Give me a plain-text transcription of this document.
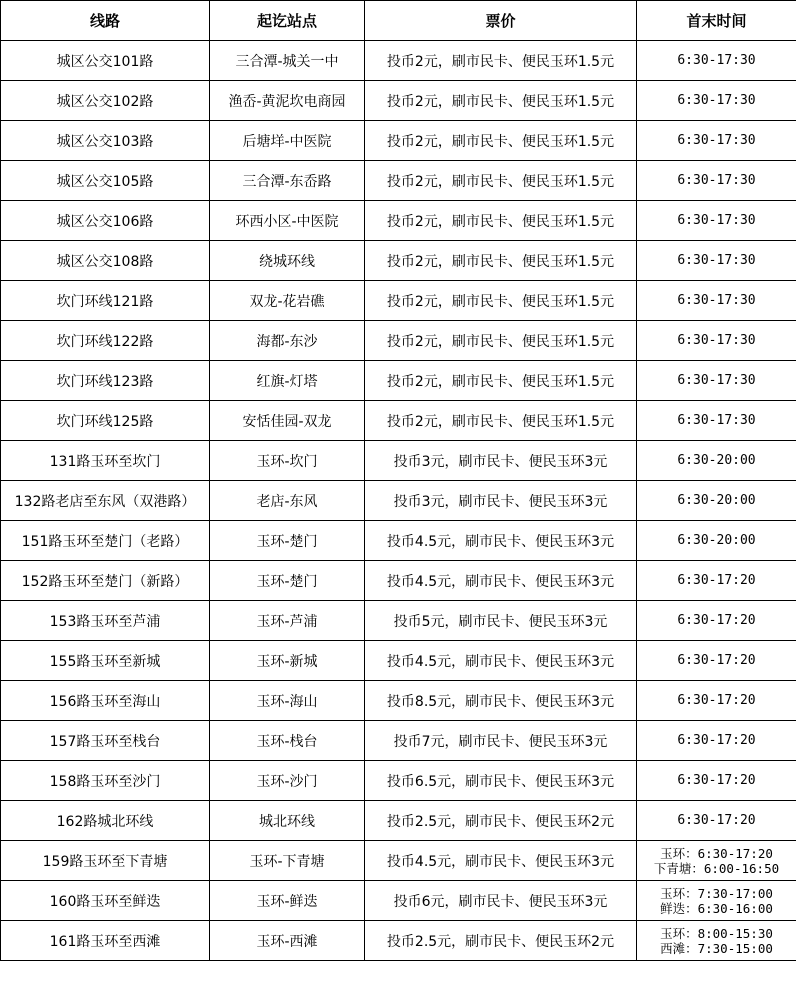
线路	起讫站点	票价	首末时间
城区公交101路	三合潭-城关一中	投币2元，刷市民卡、便民玉环1.5元	6:30-17:30
城区公交102路	渔岙-黄泥坎电商园	投币2元，刷市民卡、便民玉环1.5元	6:30-17:30
城区公交103路	后塘垟-中医院	投币2元，刷市民卡、便民玉环1.5元	6:30-17:30
城区公交105路	三合潭-东岙路	投币2元，刷市民卡、便民玉环1.5元	6:30-17:30
城区公交106路	环西小区-中医院	投币2元，刷市民卡、便民玉环1.5元	6:30-17:30
城区公交108路	绕城环线	投币2元，刷市民卡、便民玉环1.5元	6:30-17:30
坎门环线121路	双龙-花岩礁	投币2元，刷市民卡、便民玉环1.5元	6:30-17:30
坎门环线122路	海都-东沙	投币2元，刷市民卡、便民玉环1.5元	6:30-17:30
坎门环线123路	红旗-灯塔	投币2元，刷市民卡、便民玉环1.5元	6:30-17:30
坎门环线125路	安恬佳园-双龙	投币2元，刷市民卡、便民玉环1.5元	6:30-17:30
131路玉环至坎门	玉环-坎门	投币3元，刷市民卡、便民玉环3元	6:30-20:00
132路老店至东风（双港路）	老店-东风	投币3元，刷市民卡、便民玉环3元	6:30-20:00
151路玉环至楚门（老路）	玉环-楚门	投币4.5元，刷市民卡、便民玉环3元	6:30-20:00
152路玉环至楚门（新路）	玉环-楚门	投币4.5元，刷市民卡、便民玉环3元	6:30-17:20
153路玉环至芦浦	玉环-芦浦	投币5元，刷市民卡、便民玉环3元	6:30-17:20
155路玉环至新城	玉环-新城	投币4.5元，刷市民卡、便民玉环3元	6:30-17:20
156路玉环至海山	玉环-海山	投币8.5元，刷市民卡、便民玉环3元	6:30-17:20
157路玉环至栈台	玉环-栈台	投币7元，刷市民卡、便民玉环3元	6:30-17:20
158路玉环至沙门	玉环-沙门	投币6.5元，刷市民卡、便民玉环3元	6:30-17:20
162路城北环线	城北环线	投币2.5元，刷市民卡、便民玉环2元	6:30-17:20
159路玉环至下青塘	玉环-下青塘	投币4.5元，刷市民卡、便民玉环3元	玉环：6:30-17:20
下青塘：6:00-16:50

160路玉环至鲜迭	玉环-鲜迭	投币6元，刷市民卡、便民玉环3元	玉环：7:30-17:00
鲜迭：6:30-16:00

161路玉环至西滩	玉环-西滩	投币2.5元，刷市民卡、便民玉环2元	玉环：8:00-15:30
西滩：7:30-15:00
